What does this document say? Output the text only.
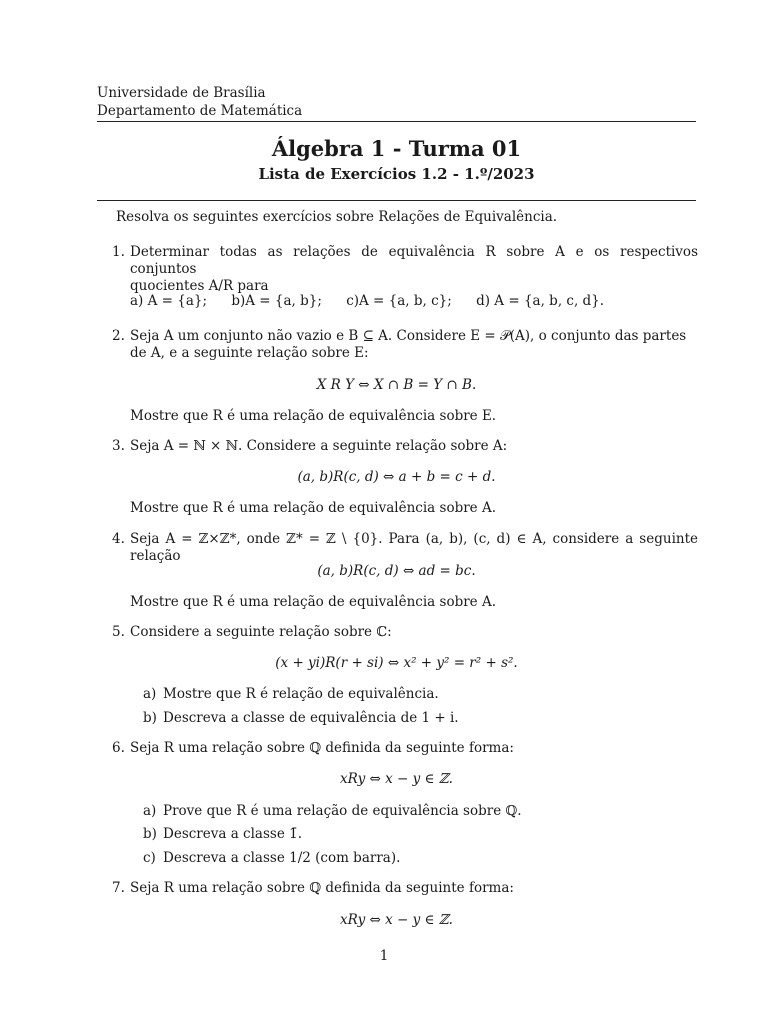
Universidade de Brasília
Departamento de Matemática
Álgebra 1 - Turma 01
Lista de Exercícios 1.2 - 1.º/2023
Resolva os seguintes exercícios sobre Relações de Equivalência.
1. Determinar todas as relações de equivalência R sobre A e os respectivos conjuntos
quocientes A/R para
a) A = {a}; b)A = {a, b}; c)A = {a, b, c}; d) A = {a, b, c, d}.
2. Seja A um conjunto não vazio e B ⊆ A. Considere E = 𝒫(A), o conjunto das partes
de A, e a seguinte relação sobre E:
X R Y ⇔ X ∩ B = Y ∩ B.
Mostre que R é uma relação de equivalência sobre E.
3. Seja A = ℕ × ℕ. Considere a seguinte relação sobre A:
(a, b)R(c, d) ⇔ a + b = c + d.
Mostre que R é uma relação de equivalência sobre A.
4. Seja A = ℤ×ℤ*, onde ℤ* = ℤ \ {0}. Para (a, b), (c, d) ∈ A, considere a seguinte relação
(a, b)R(c, d) ⇔ ad = bc.
Mostre que R é uma relação de equivalência sobre A.
5. Considere a seguinte relação sobre ℂ:
(x + yi)R(r + si) ⇔ x² + y² = r² + s².
a) Mostre que R é relação de equivalência.
b) Descreva a classe de equivalência de 1 + i.
6. Seja R uma relação sobre ℚ definida da seguinte forma:
xRy ⇔ x − y ∈ ℤ.
a) Prove que R é uma relação de equivalência sobre ℚ.
b) Descreva a classe 1̄.
c) Descreva a classe 1/2 (com barra).
7. Seja R uma relação sobre ℚ definida da seguinte forma:
xRy ⇔ x − y ∈ ℤ.
1
